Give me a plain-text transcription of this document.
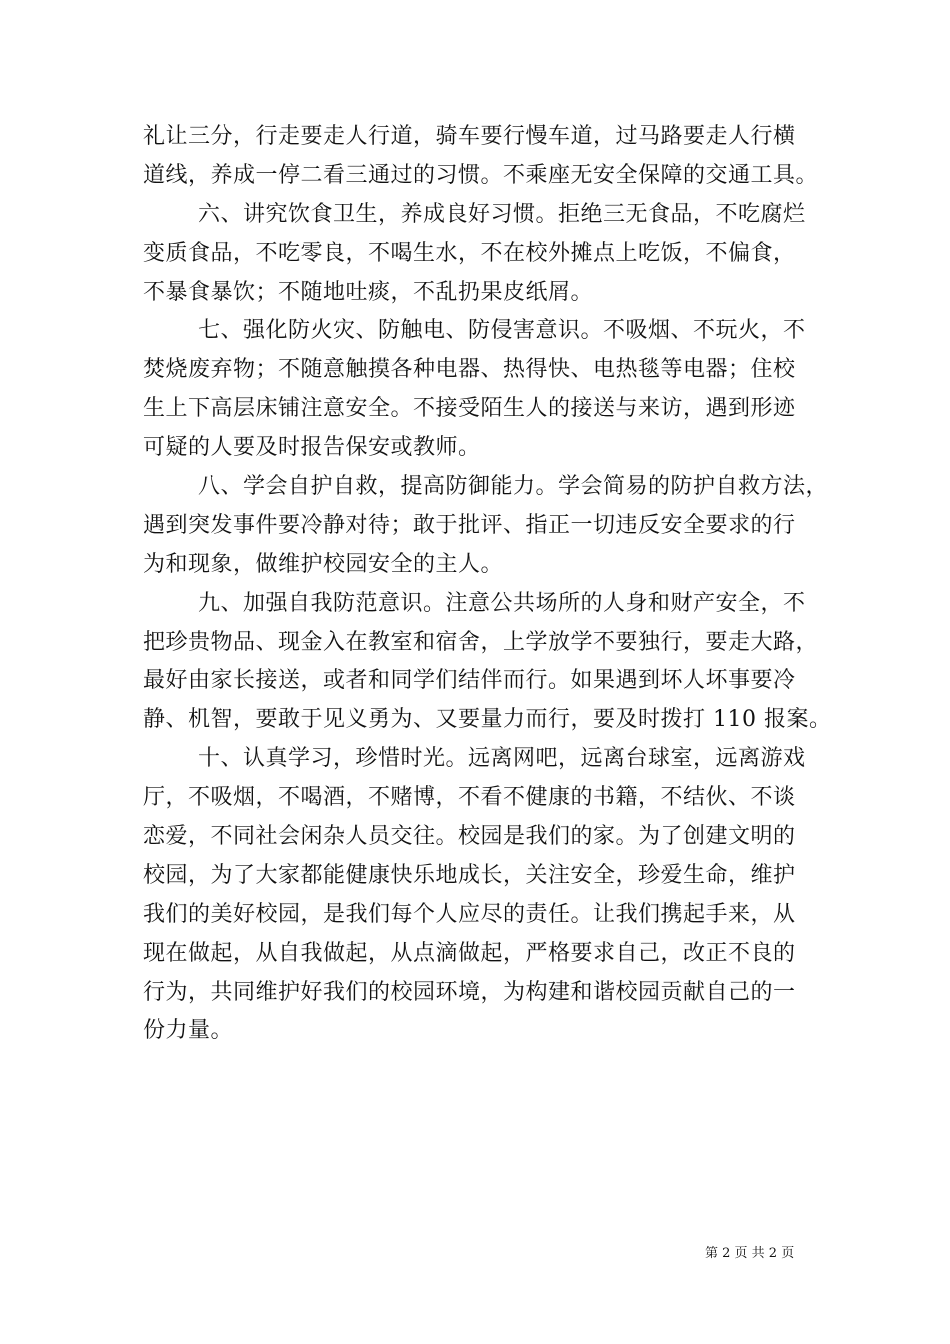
礼让三分，行走要走人行道，骑车要行慢车道，过马路要走人行横
道线，养成一停二看三通过的习惯。不乘座无安全保障的交通工具。
六、讲究饮食卫生，养成良好习惯。拒绝三无食品，不吃腐烂
变质食品，不吃零良，不喝生水，不在校外摊点上吃饭，不偏食，
不暴食暴饮；不随地吐痰，不乱扔果皮纸屑。
七、强化防火灾、防触电、防侵害意识。不吸烟、不玩火，不
焚烧废弃物；不随意触摸各种电器、热得快、电热毯等电器；住校
生上下高层床铺注意安全。不接受陌生人的接送与来访，遇到形迹
可疑的人要及时报告保安或教师。
八、学会自护自救，提高防御能力。学会简易的防护自救方法，
遇到突发事件要冷静对待；敢于批评、指正一切违反安全要求的行
为和现象，做维护校园安全的主人。
九、加强自我防范意识。注意公共场所的人身和财产安全，不
把珍贵物品、现金入在教室和宿舍，上学放学不要独行，要走大路，
最好由家长接送，或者和同学们结伴而行。如果遇到坏人坏事要冷
静、机智，要敢于见义勇为、又要量力而行，要及时拨打 110 报案。
十、认真学习，珍惜时光。远离网吧，远离台球室，远离游戏
厅，不吸烟，不喝酒，不赌博，不看不健康的书籍，不结伙、不谈
恋爱，不同社会闲杂人员交往。校园是我们的家。为了创建文明的
校园，为了大家都能健康快乐地成长，关注安全，珍爱生命，维护
我们的美好校园，是我们每个人应尽的责任。让我们携起手来，从
现在做起，从自我做起，从点滴做起，严格要求自己，改正不良的
行为，共同维护好我们的校园环境，为构建和谐校园贡献自己的一
份力量。
第 2 页 共 2 页
